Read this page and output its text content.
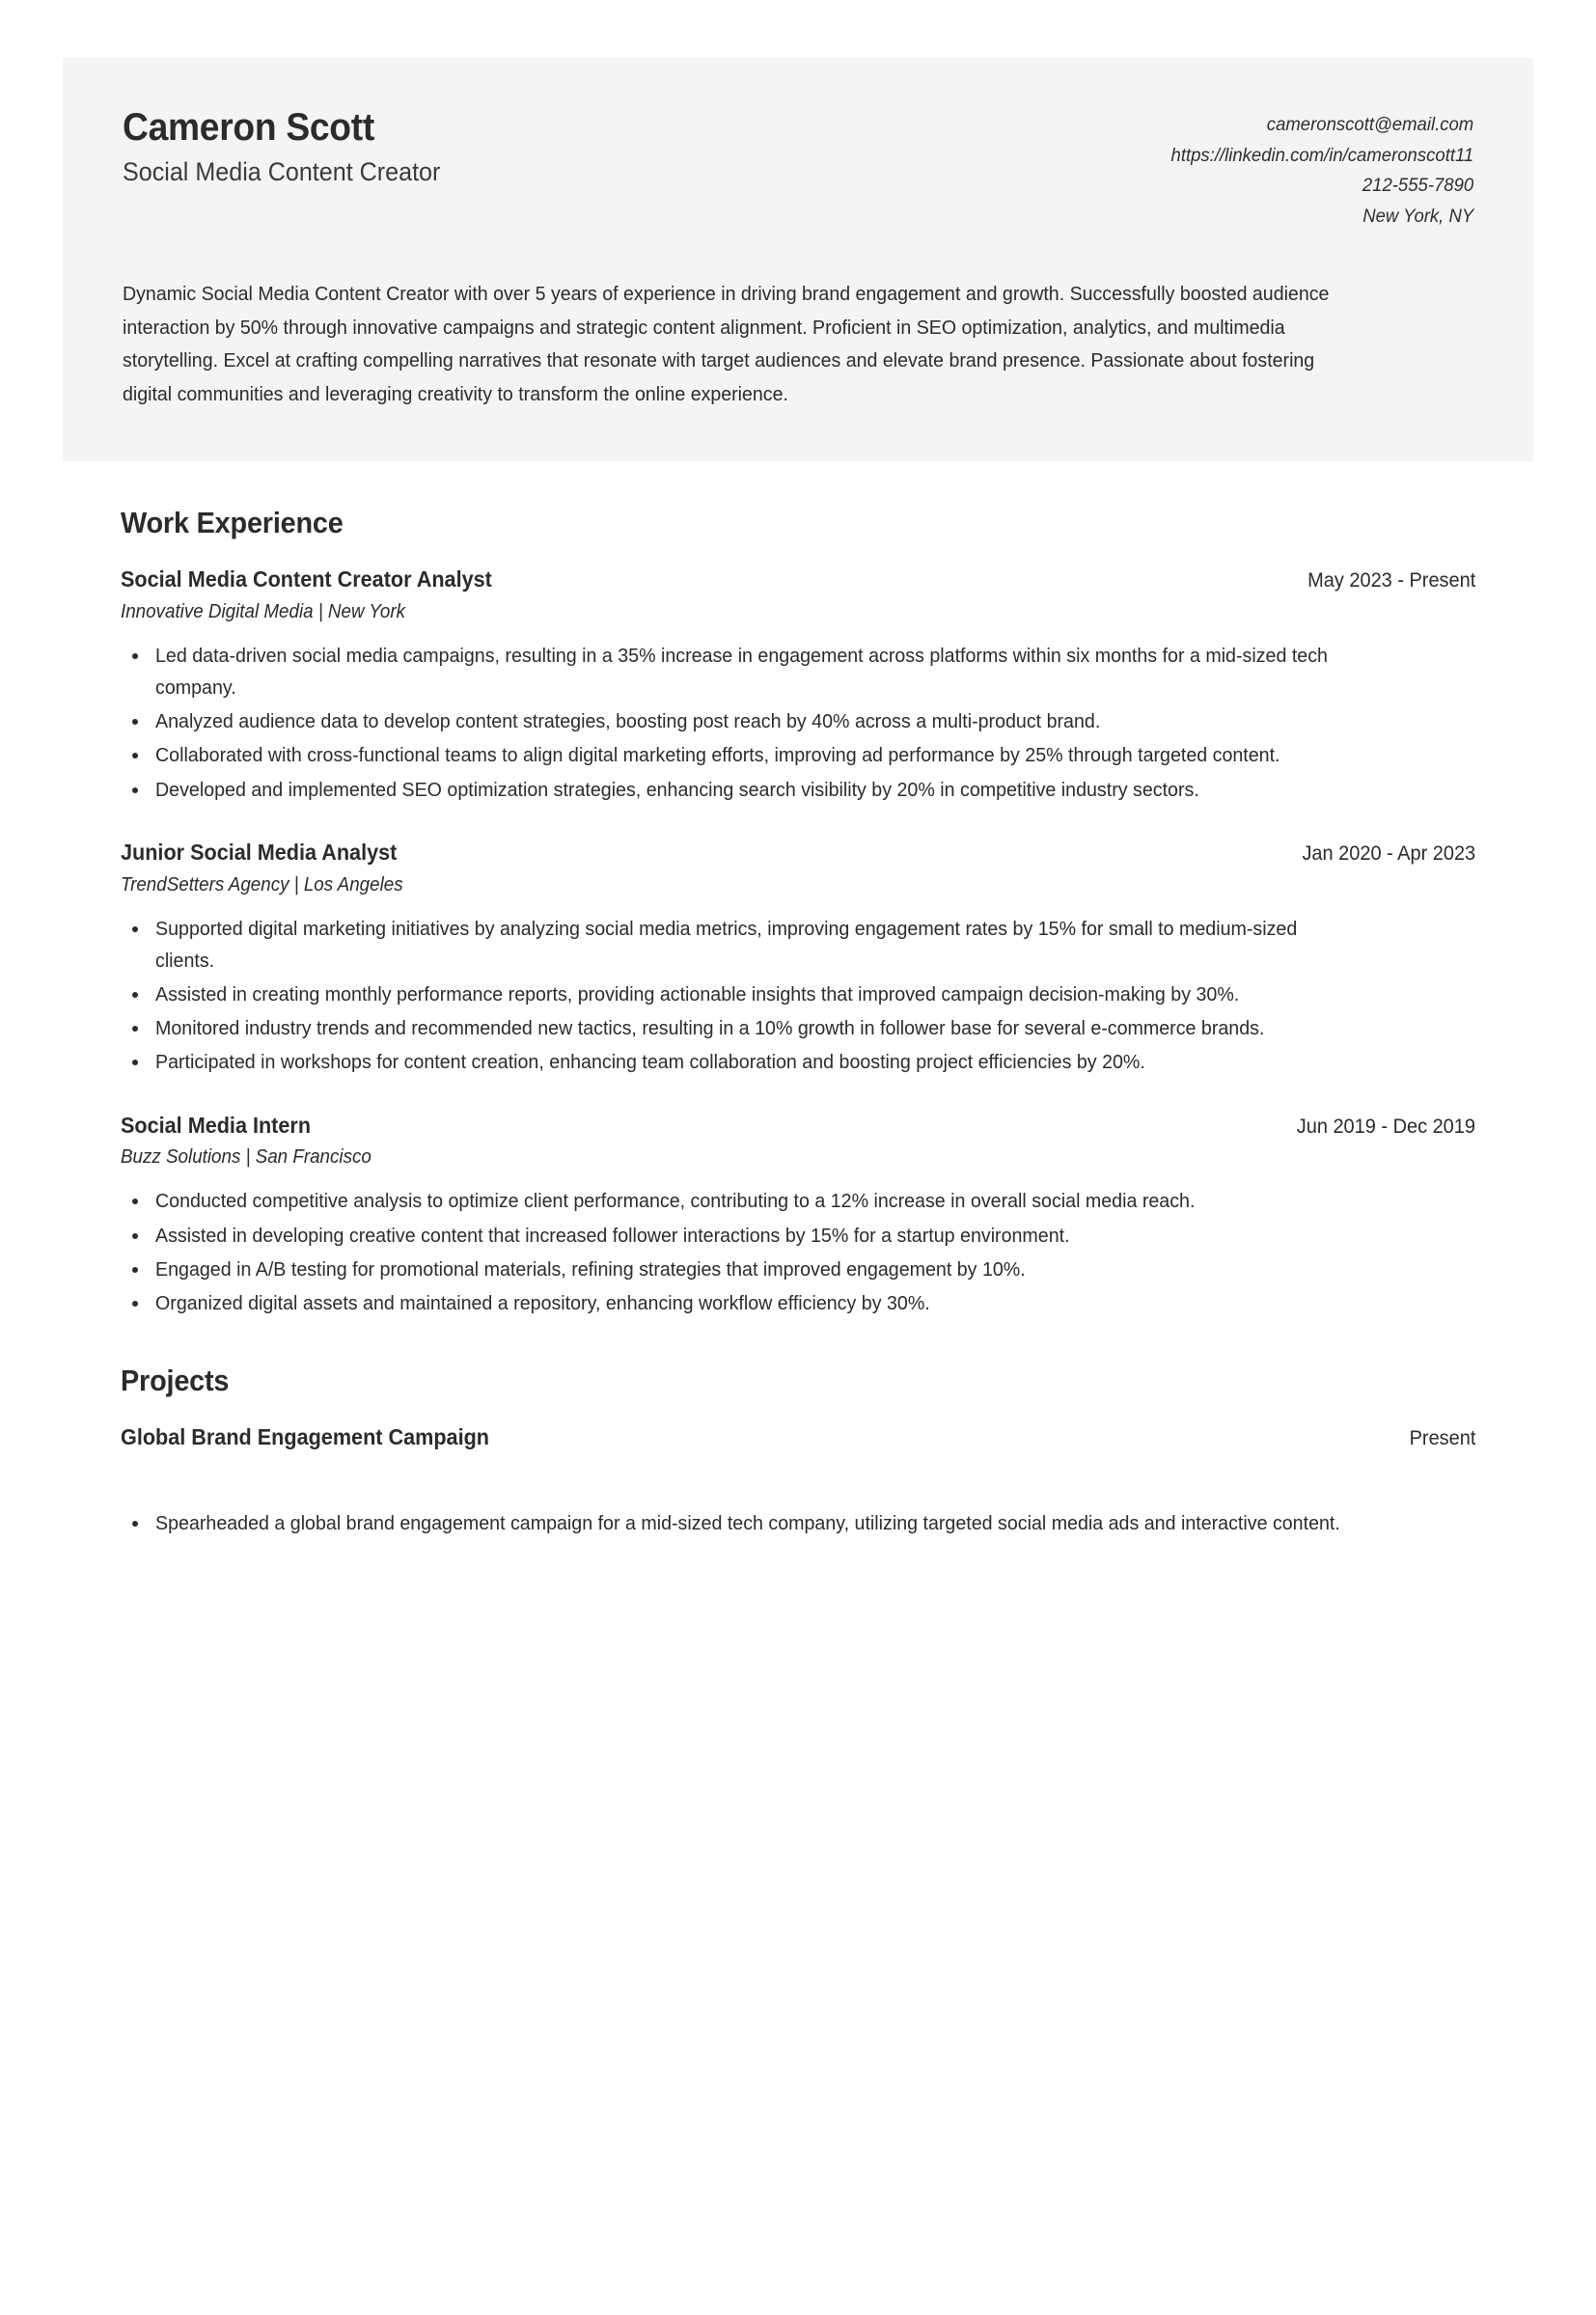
Cameron Scott
Social Media Content Creator
cameronscott@email.com
https://linkedin.com/in/cameronscott11
212-555-7890
New York, NY
Dynamic Social Media Content Creator with over 5 years of experience in driving brand engagement and growth. Successfully boosted audience interaction by 50% through innovative campaigns and strategic content alignment. Proficient in SEO optimization, analytics, and multimedia storytelling. Excel at crafting compelling narratives that resonate with target audiences and elevate brand presence. Passionate about fostering digital communities and leveraging creativity to transform the online experience.
Work Experience
Social Media Content Creator Analyst	May 2023 - Present
Innovative Digital Media | New York
Led data-driven social media campaigns, resulting in a 35% increase in engagement across platforms within six months for a mid-sized tech company.
Analyzed audience data to develop content strategies, boosting post reach by 40% across a multi-product brand.
Collaborated with cross-functional teams to align digital marketing efforts, improving ad performance by 25% through targeted content.
Developed and implemented SEO optimization strategies, enhancing search visibility by 20% in competitive industry sectors.
Junior Social Media Analyst	Jan 2020 - Apr 2023
TrendSetters Agency | Los Angeles
Supported digital marketing initiatives by analyzing social media metrics, improving engagement rates by 15% for small to medium-sized clients.
Assisted in creating monthly performance reports, providing actionable insights that improved campaign decision-making by 30%.
Monitored industry trends and recommended new tactics, resulting in a 10% growth in follower base for several e-commerce brands.
Participated in workshops for content creation, enhancing team collaboration and boosting project efficiencies by 20%.
Social Media Intern	Jun 2019 - Dec 2019
Buzz Solutions | San Francisco
Conducted competitive analysis to optimize client performance, contributing to a 12% increase in overall social media reach.
Assisted in developing creative content that increased follower interactions by 15% for a startup environment.
Engaged in A/B testing for promotional materials, refining strategies that improved engagement by 10%.
Organized digital assets and maintained a repository, enhancing workflow efficiency by 30%.
Projects
Global Brand Engagement Campaign	Present
Spearheaded a global brand engagement campaign for a mid-sized tech company, utilizing targeted social media ads and interactive content.
